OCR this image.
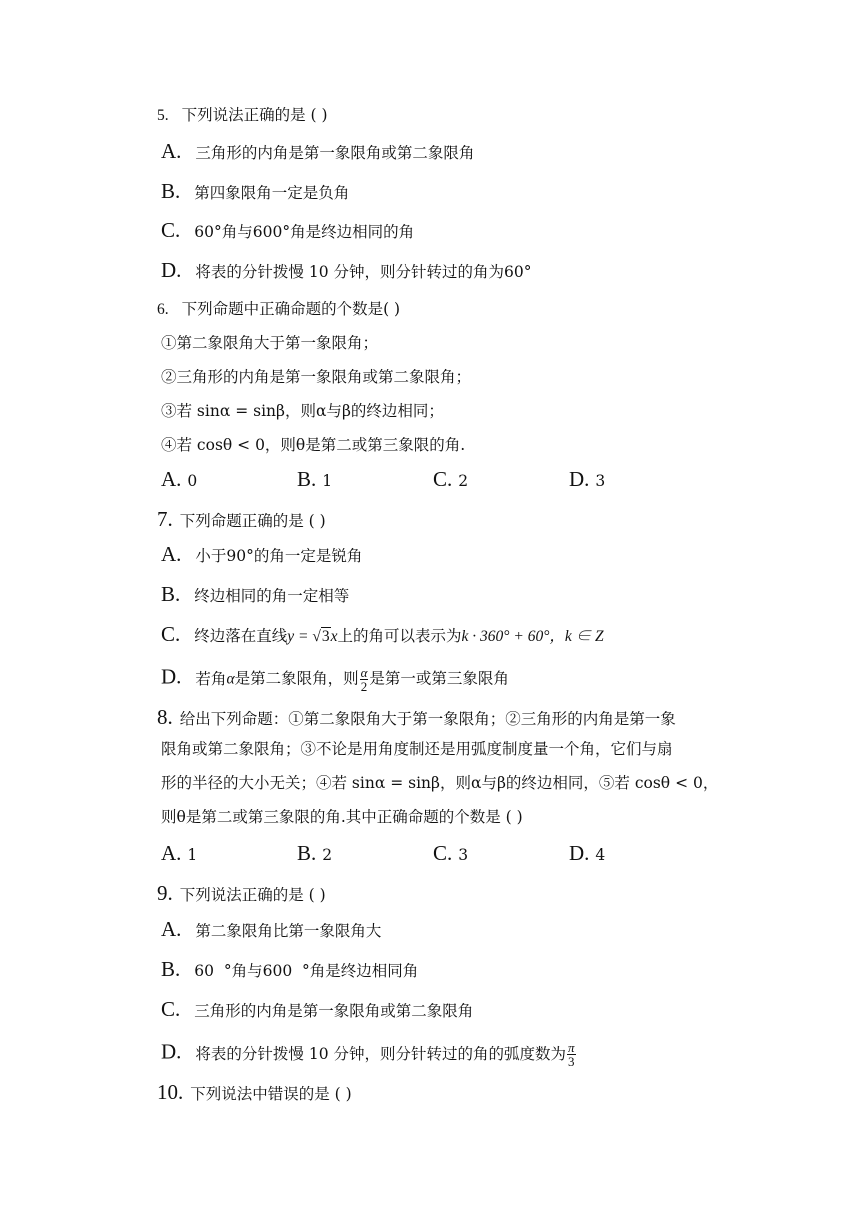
5. 下列说法正确的是 ( )
A. 三角形的内角是第一象限角或第二象限角
B. 第四象限角一定是负角
C. 60°角与600°角是终边相同的角
D. 将表的分针拨慢 10 分钟，则分针转过的角为60°
6. 下列命题中正确命题的个数是( )
①第二象限角大于第一象限角；
②三角形的内角是第一象限角或第二象限角；
③若 sinα = sinβ，则α与β的终边相同；
④若 cosθ < 0，则θ是第二或第三象限的角.
A. 0	B. 1	C. 2	D. 3
7. 下列命题正确的是 ( )
A. 小于90°的角一定是锐角
B. 终边相同的角一定相等
C. 终边落在直线y = √3x上的角可以表示为k · 360° + 60°，k ∈ Z
D. 若角α是第二象限角，则 $\frac{\alpha}{2}$ 是第一或第三象限角
8. 给出下列命题：①第二象限角大于第一象限角；②三角形的内角是第一象
限角或第二象限角；③不论是用角度制还是用弧度制度量一个角，它们与扇
形的半径的大小无关；④若 sinα = sinβ，则α与β的终边相同，⑤若 cosθ < 0，
则θ是第二或第三象限的角.其中正确命题的个数是 ( )
A. 1	B. 2	C. 3	D. 4
9. 下列说法正确的是 ( )
A. 第二象限角比第一象限角大
B. 60  °角与600  °角是终边相同角
C. 三角形的内角是第一象限角或第二象限角
D. 将表的分针拨慢 10 分钟，则分针转过的角的弧度数为 $\frac{\pi}{3}$
10. 下列说法中错误的是 ( )
